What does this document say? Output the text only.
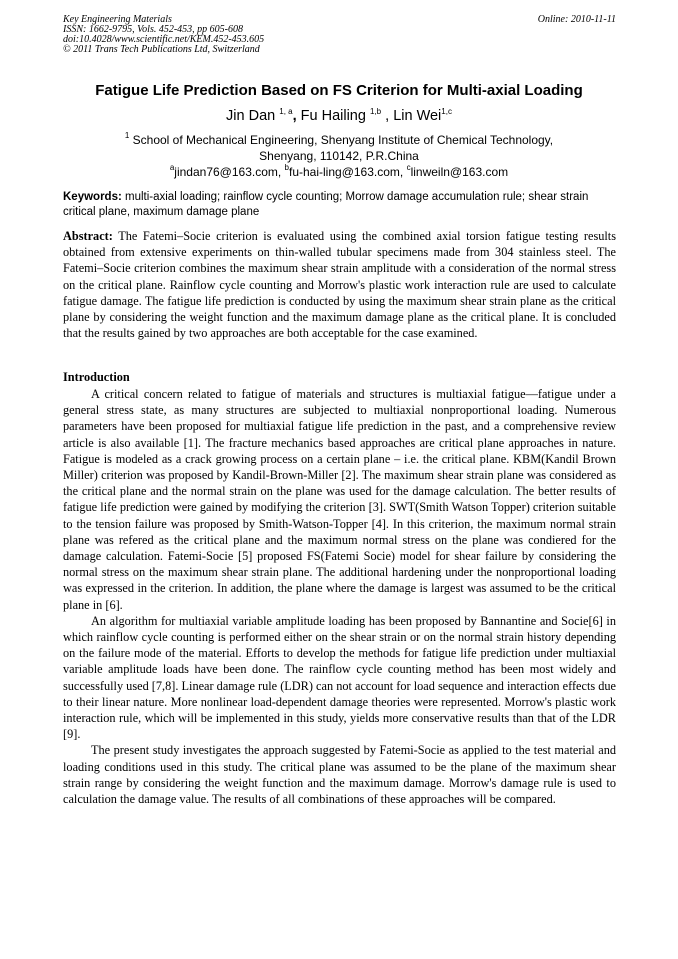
Key Engineering Materials
ISSN: 1662-9795, Vols. 452-453, pp 605-608
doi:10.4028/www.scientific.net/KEM.452-453.605
© 2011 Trans Tech Publications Ltd, Switzerland
Online: 2010-11-11
Fatigue Life Prediction Based on FS Criterion for Multi-axial Loading
Jin Dan $^{1, a}$, Fu Hailing $^{1,b}$ , Lin Wei$^{1,c}$
$^1$ School of Mechanical Engineering, Shenyang Institute of Chemical Technology,
Shenyang, 110142, P.R.China
$^a$jindan76@163.com, $^b$fu-hai-ling@163.com, $^c$linweiln@163.com
Keywords: multi-axial loading; rainflow cycle counting; Morrow damage accumulation rule; shear strain critical plane, maximum damage plane
Abstract: The Fatemi–Socie criterion is evaluated using the combined axial torsion fatigue testing results obtained from extensive experiments on thin-walled tubular specimens made from 304 stainless steel. The Fatemi–Socie criterion combines the maximum shear strain amplitude with a consideration of the normal stress on the critical plane. Rainflow cycle counting and Morrow's plastic work interaction rule are used to calculate fatigue damage. The fatigue life prediction is conducted by using the maximum shear strain plane as the critical plane by considering the weight function and the maximum damage plane as the critical plane. It is concluded that the results gained by two approaches are both acceptable for the case examined.
Introduction

A critical concern related to fatigue of materials and structures is multiaxial fatigue—fatigue under a general stress state, as many structures are subjected to multiaxial nonproportional loading. Numerous parameters have been proposed for multiaxial fatigue life prediction in the past, and a comprehensive review article is also available [1]. The fracture mechanics based approaches are critical plane approaches in nature. Fatigue is modeled as a crack growing process on a certain plane – i.e. the critical plane. KBM(Kandil Brown Miller) criterion was proposed by Kandil-Brown-Miller [2]. The maximum shear strain plane was considered as the critical plane and the normal strain on the plane was used for the damage calculation. The better results of fatigue life prediction were gained by modifying the criterion [3]. SWT(Smith Watson Topper) criterion suitable to the tension failure was proposed by Smith-Watson-Topper [4]. In this criterion, the maximum normal strain plane was refered as the critical plane and the maximum normal stress on the plane was condiered for the damage calculation. Fatemi-Socie [5] proposed FS(Fatemi Socie) model for shear failure by considering the normal stress on the maximum shear strain plane. The additional hardening under the nonproportional loading was expressed in the criterion. In addition, the plane where the damage is largest was assumed to be the critical plane in [6].

An algorithm for multiaxial variable amplitude loading has been proposed by Bannantine and Socie[6] in which rainflow cycle counting is performed either on the shear strain or on the normal strain history depending on the failure mode of the material. Efforts to develop the methods for fatigue life prediction under multiaxial variable amplitude loads have been done. The rainflow cycle counting method has been most widely and successfully used [7,8]. Linear damage rule (LDR) can not account for load sequence and interaction effects due to their linear nature. More nonlinear load-dependent damage theories were represented. Morrow's plastic work interaction rule, which will be implemented in this study, yields more conservative results than that of the LDR [9].

The present study investigates the approach suggested by Fatemi-Socie as applied to the test material and loading conditions used in this study. The critical plane was assumed to be the plane of the maximum shear strain range by considering the weight function and the maximum damage. Morrow's damage rule is used to calculation the damage value. The results of all combinations of these approaches will be compared.
